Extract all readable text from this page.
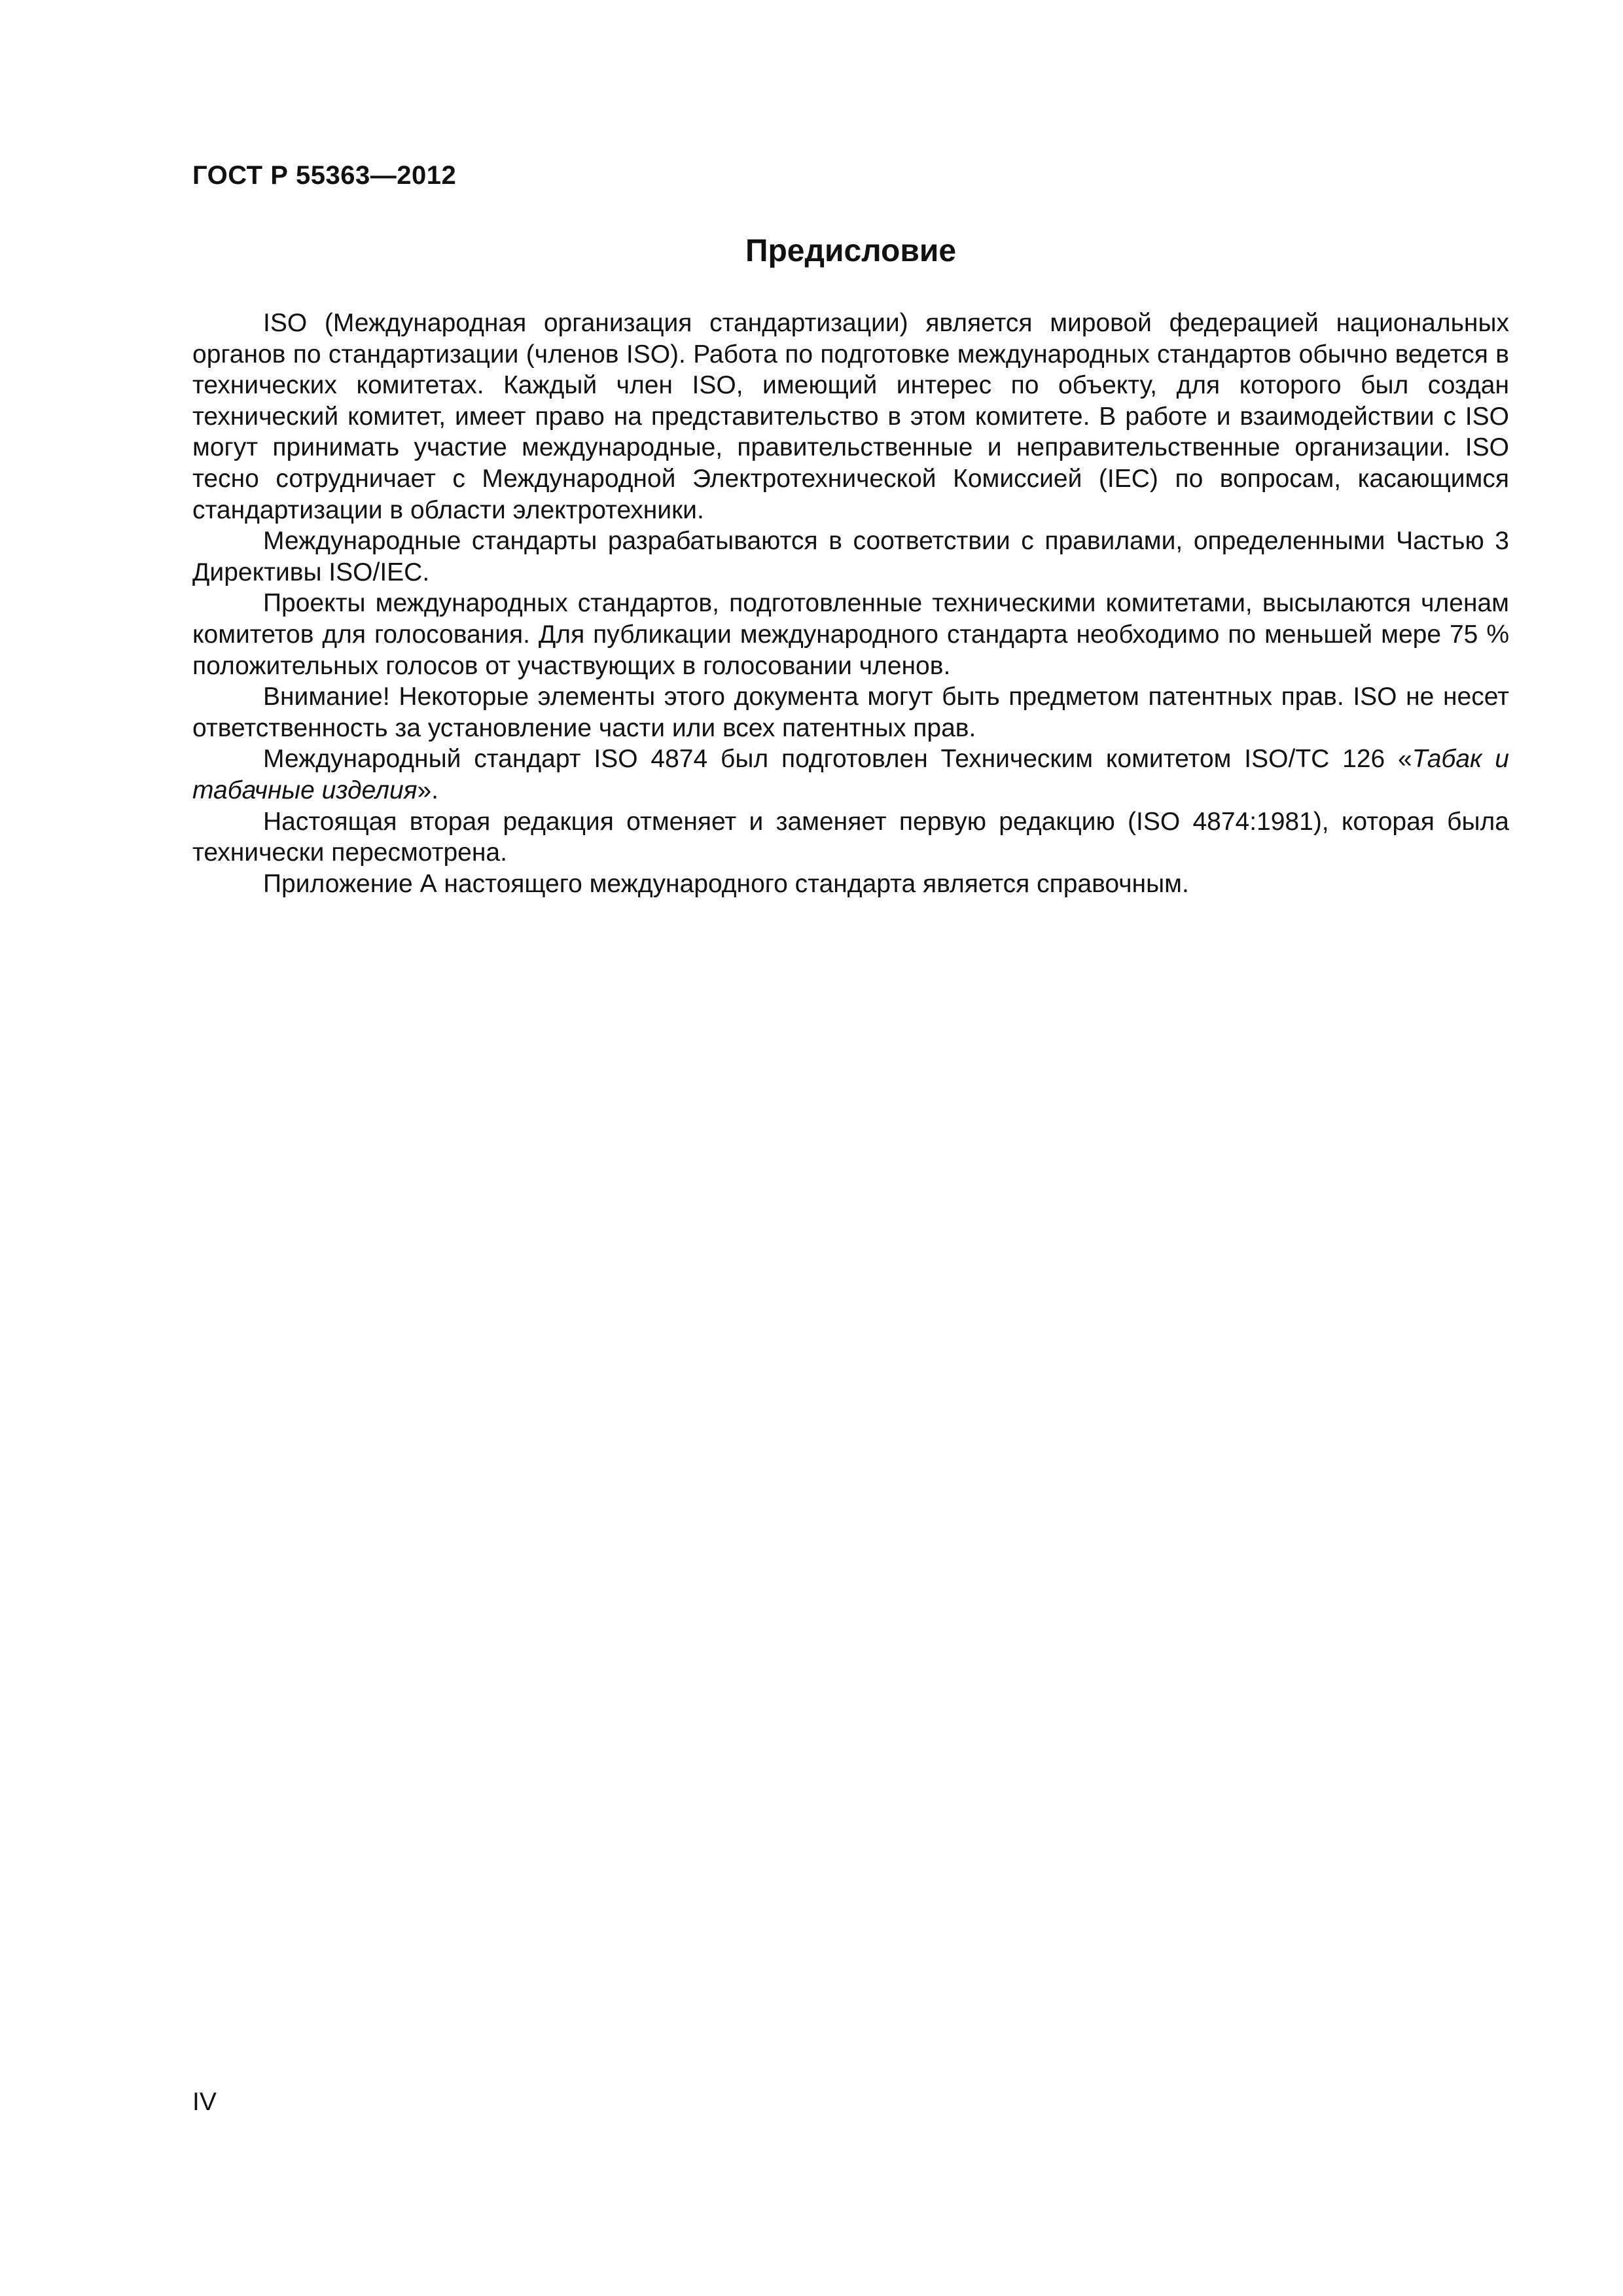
ГОСТ Р 55363—2012
Предисловие

ISO (Международная организация стандартизации) является мировой федерацией национальных органов по стандартизации (членов ISO). Работа по подготовке международных стандартов обычно ведется в технических комитетах. Каждый член ISO, имеющий интерес по объекту, для которого был создан технический комитет, имеет право на представительство в этом комитете. В работе и взаимодействии с ISO могут принимать участие международные, правительственные и неправительственные организации. ISO тесно сотрудничает с Международной Электротехнической Комиссией (IEC) по вопросам, касающимся стандартизации в области электротехники.

Международные стандарты разрабатываются в соответствии с правилами, определенными Частью 3 Директивы ISO/IEC.

Проекты международных стандартов, подготовленные техническими комитетами, высылаются членам комитетов для голосования. Для публикации международного стандарта необходимо по меньшей мере 75 % положительных голосов от участвующих в голосовании членов.

Внимание! Некоторые элементы этого документа могут быть предметом патентных прав. ISO не несет ответственность за установление части или всех патентных прав.

Международный стандарт ISO 4874 был подготовлен Техническим комитетом ISO/TC 126 «Табак и табачные изделия».

Настоящая вторая редакция отменяет и заменяет первую редакцию (ISO 4874:1981), которая была технически пересмотрена.

Приложение А настоящего международного стандарта является справочным.

IV
